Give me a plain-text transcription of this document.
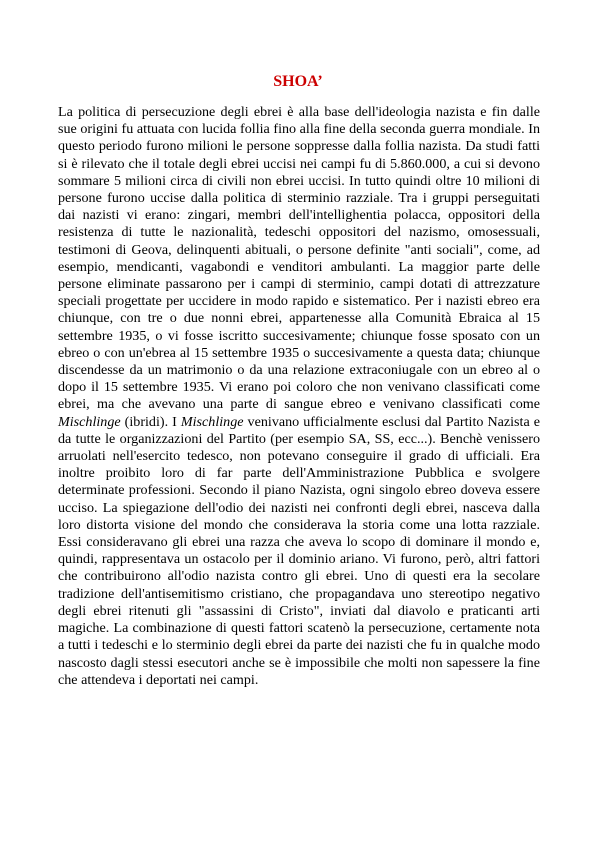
SHOA’

La politica di persecuzione degli ebrei è alla base dell'ideologia nazista e fin dalle sue origini fu attuata con lucida follia fino alla fine della seconda guerra mondiale. In questo periodo furono milioni le persone soppresse dalla follia nazista. Da studi fatti si è rilevato che il totale degli ebrei uccisi nei campi fu di 5.860.000, a cui si devono sommare 5 milioni circa di civili non ebrei uccisi. In tutto quindi oltre 10 milioni di persone furono uccise dalla politica di sterminio razziale. Tra i gruppi perseguitati dai nazisti vi erano: zingari, membri dell'intellighentia polacca, oppositori della resistenza di tutte le nazionalità, tedeschi oppositori del nazismo, omosessuali, testimoni di Geova, delinquenti abituali, o persone definite "anti sociali", come, ad esempio, mendicanti, vagabondi e venditori ambulanti. La maggior parte delle persone eliminate passarono per i campi di sterminio, campi dotati di attrezzature speciali progettate per uccidere in modo rapido e sistematico. Per i nazisti ebreo era chiunque, con tre o due nonni ebrei, appartenesse alla Comunità Ebraica al 15 settembre 1935, o vi fosse iscritto succesivamente; chiunque fosse sposato con un ebreo o con un'ebrea al 15 settembre 1935 o succesivamente a questa data; chiunque discendesse da un matrimonio o da una relazione extraconiugale con un ebreo al o dopo il 15 settembre 1935. Vi erano poi coloro che non venivano classificati come ebrei, ma che avevano una parte di sangue ebreo e venivano classificati come Mischlinge (ibridi). I Mischlinge venivano ufficialmente esclusi dal Partito Nazista e da tutte le organizzazioni del Partito (per esempio SA, SS, ecc...). Benchè venissero arruolati nell'esercito tedesco, non potevano conseguire il grado di ufficiali. Era inoltre proibito loro di far parte dell'Amministrazione Pubblica e svolgere determinate professioni. Secondo il piano Nazista, ogni singolo ebreo doveva essere ucciso. La spiegazione dell'odio dei nazisti nei confronti degli ebrei, nasceva dalla loro distorta visione del mondo che considerava la storia come una lotta razziale. Essi consideravano gli ebrei una razza che aveva lo scopo di dominare il mondo e, quindi, rappresentava un ostacolo per il dominio ariano. Vi furono, però, altri fattori che contribuirono all'odio nazista contro gli ebrei. Uno di questi era la secolare tradizione dell'antisemitismo cristiano, che propagandava uno stereotipo negativo degli ebrei ritenuti gli "assassini di Cristo", inviati dal diavolo e praticanti arti magiche. La combinazione di questi fattori scatenò la persecuzione, certamente nota a tutti i tedeschi e lo sterminio degli ebrei da parte dei nazisti che fu in qualche modo nascosto dagli stessi esecutori anche se è impossibile che molti non sapessere la fine che attendeva i deportati nei campi.
